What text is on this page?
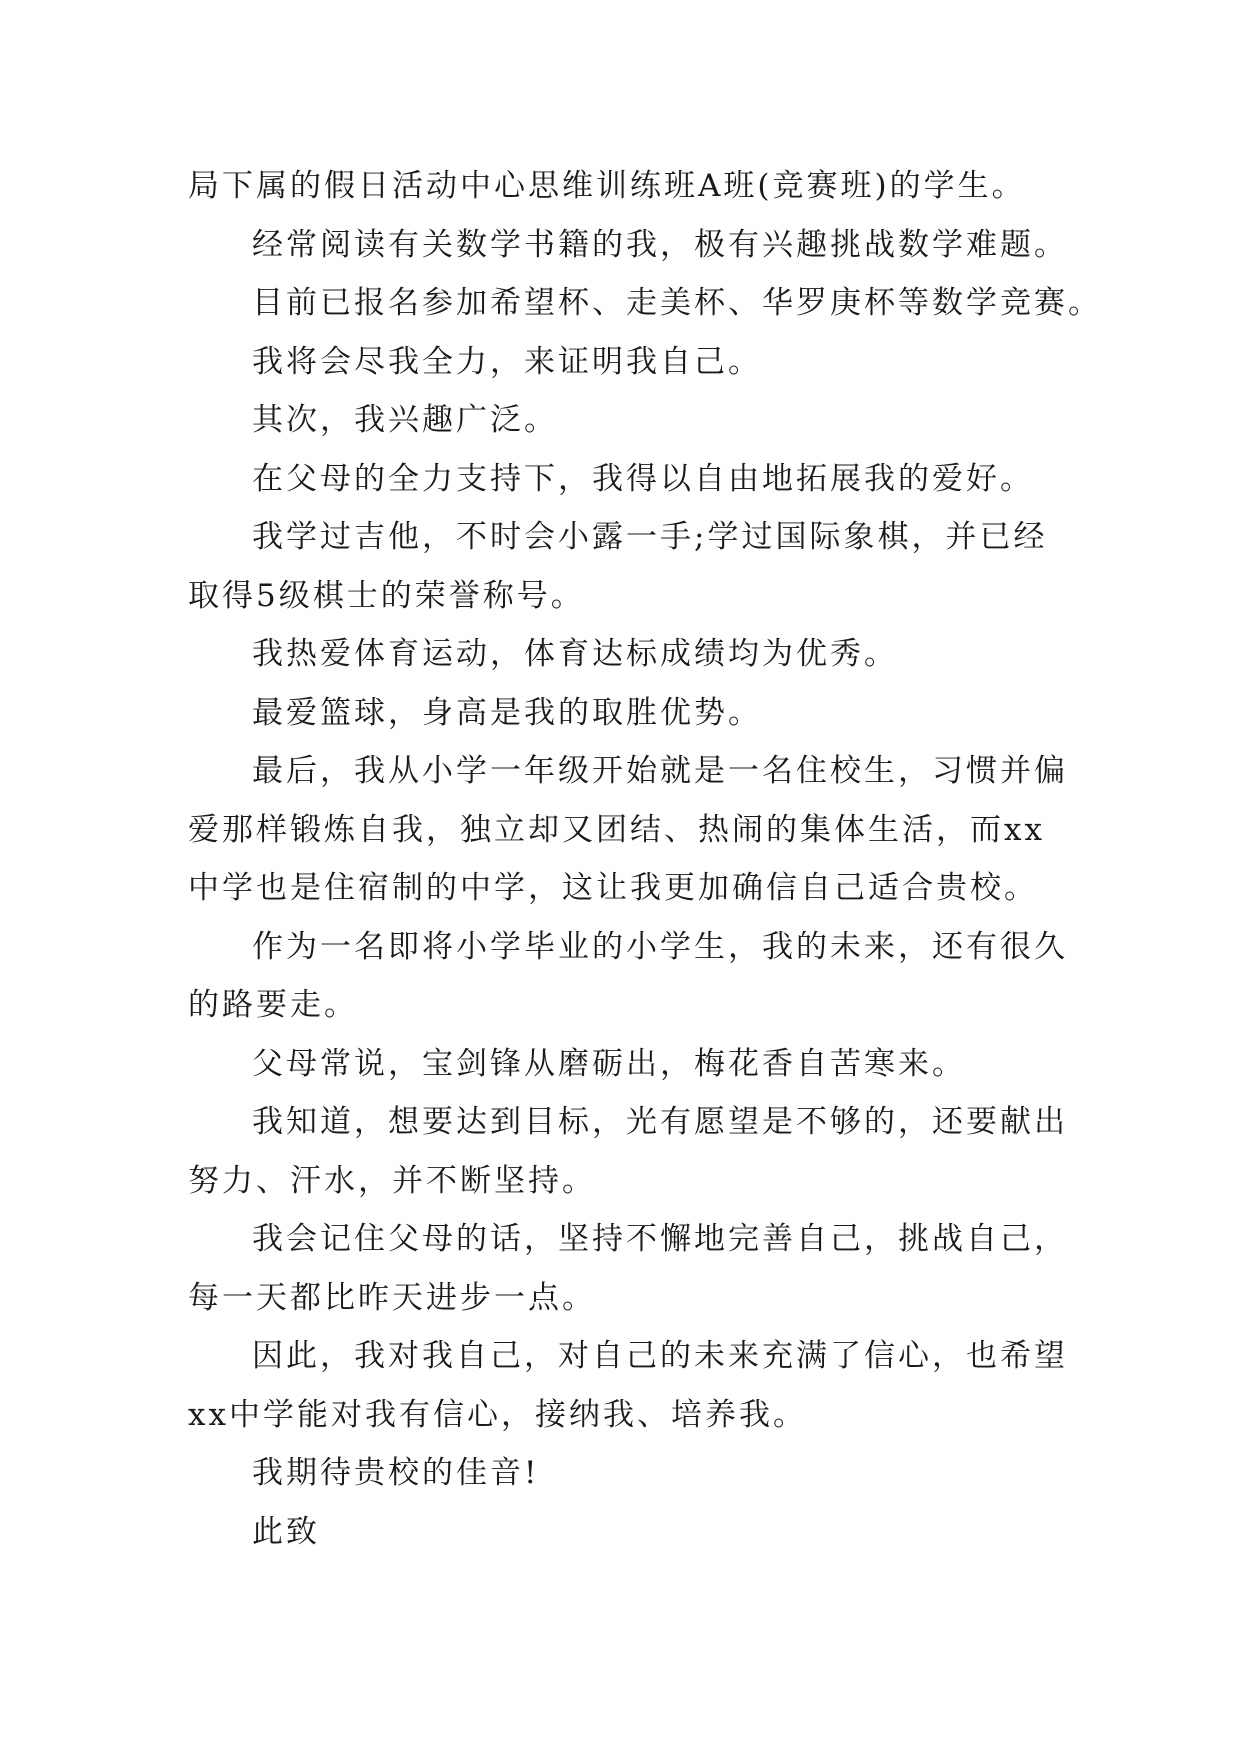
局下属的假日活动中心思维训练班A班(竞赛班)的学生。
经常阅读有关数学书籍的我，极有兴趣挑战数学难题。
目前已报名参加希望杯、走美杯、华罗庚杯等数学竞赛。
我将会尽我全力，来证明我自己。
其次，我兴趣广泛。
在父母的全力支持下，我得以自由地拓展我的爱好。
我学过吉他，不时会小露一手;学过国际象棋，并已经
取得5级棋士的荣誉称号。
我热爱体育运动，体育达标成绩均为优秀。
最爱篮球，身高是我的取胜优势。
最后，我从小学一年级开始就是一名住校生，习惯并偏
爱那样锻炼自我，独立却又团结、热闹的集体生活，而xx
中学也是住宿制的中学，这让我更加确信自己适合贵校。
作为一名即将小学毕业的小学生，我的未来，还有很久
的路要走。
父母常说，宝剑锋从磨砺出，梅花香自苦寒来。
我知道，想要达到目标，光有愿望是不够的，还要献出
努力、汗水，并不断坚持。
我会记住父母的话，坚持不懈地完善自己，挑战自己，
每一天都比昨天进步一点。
因此，我对我自己，对自己的未来充满了信心，也希望
xx中学能对我有信心，接纳我、培养我。
我期待贵校的佳音!
此致
